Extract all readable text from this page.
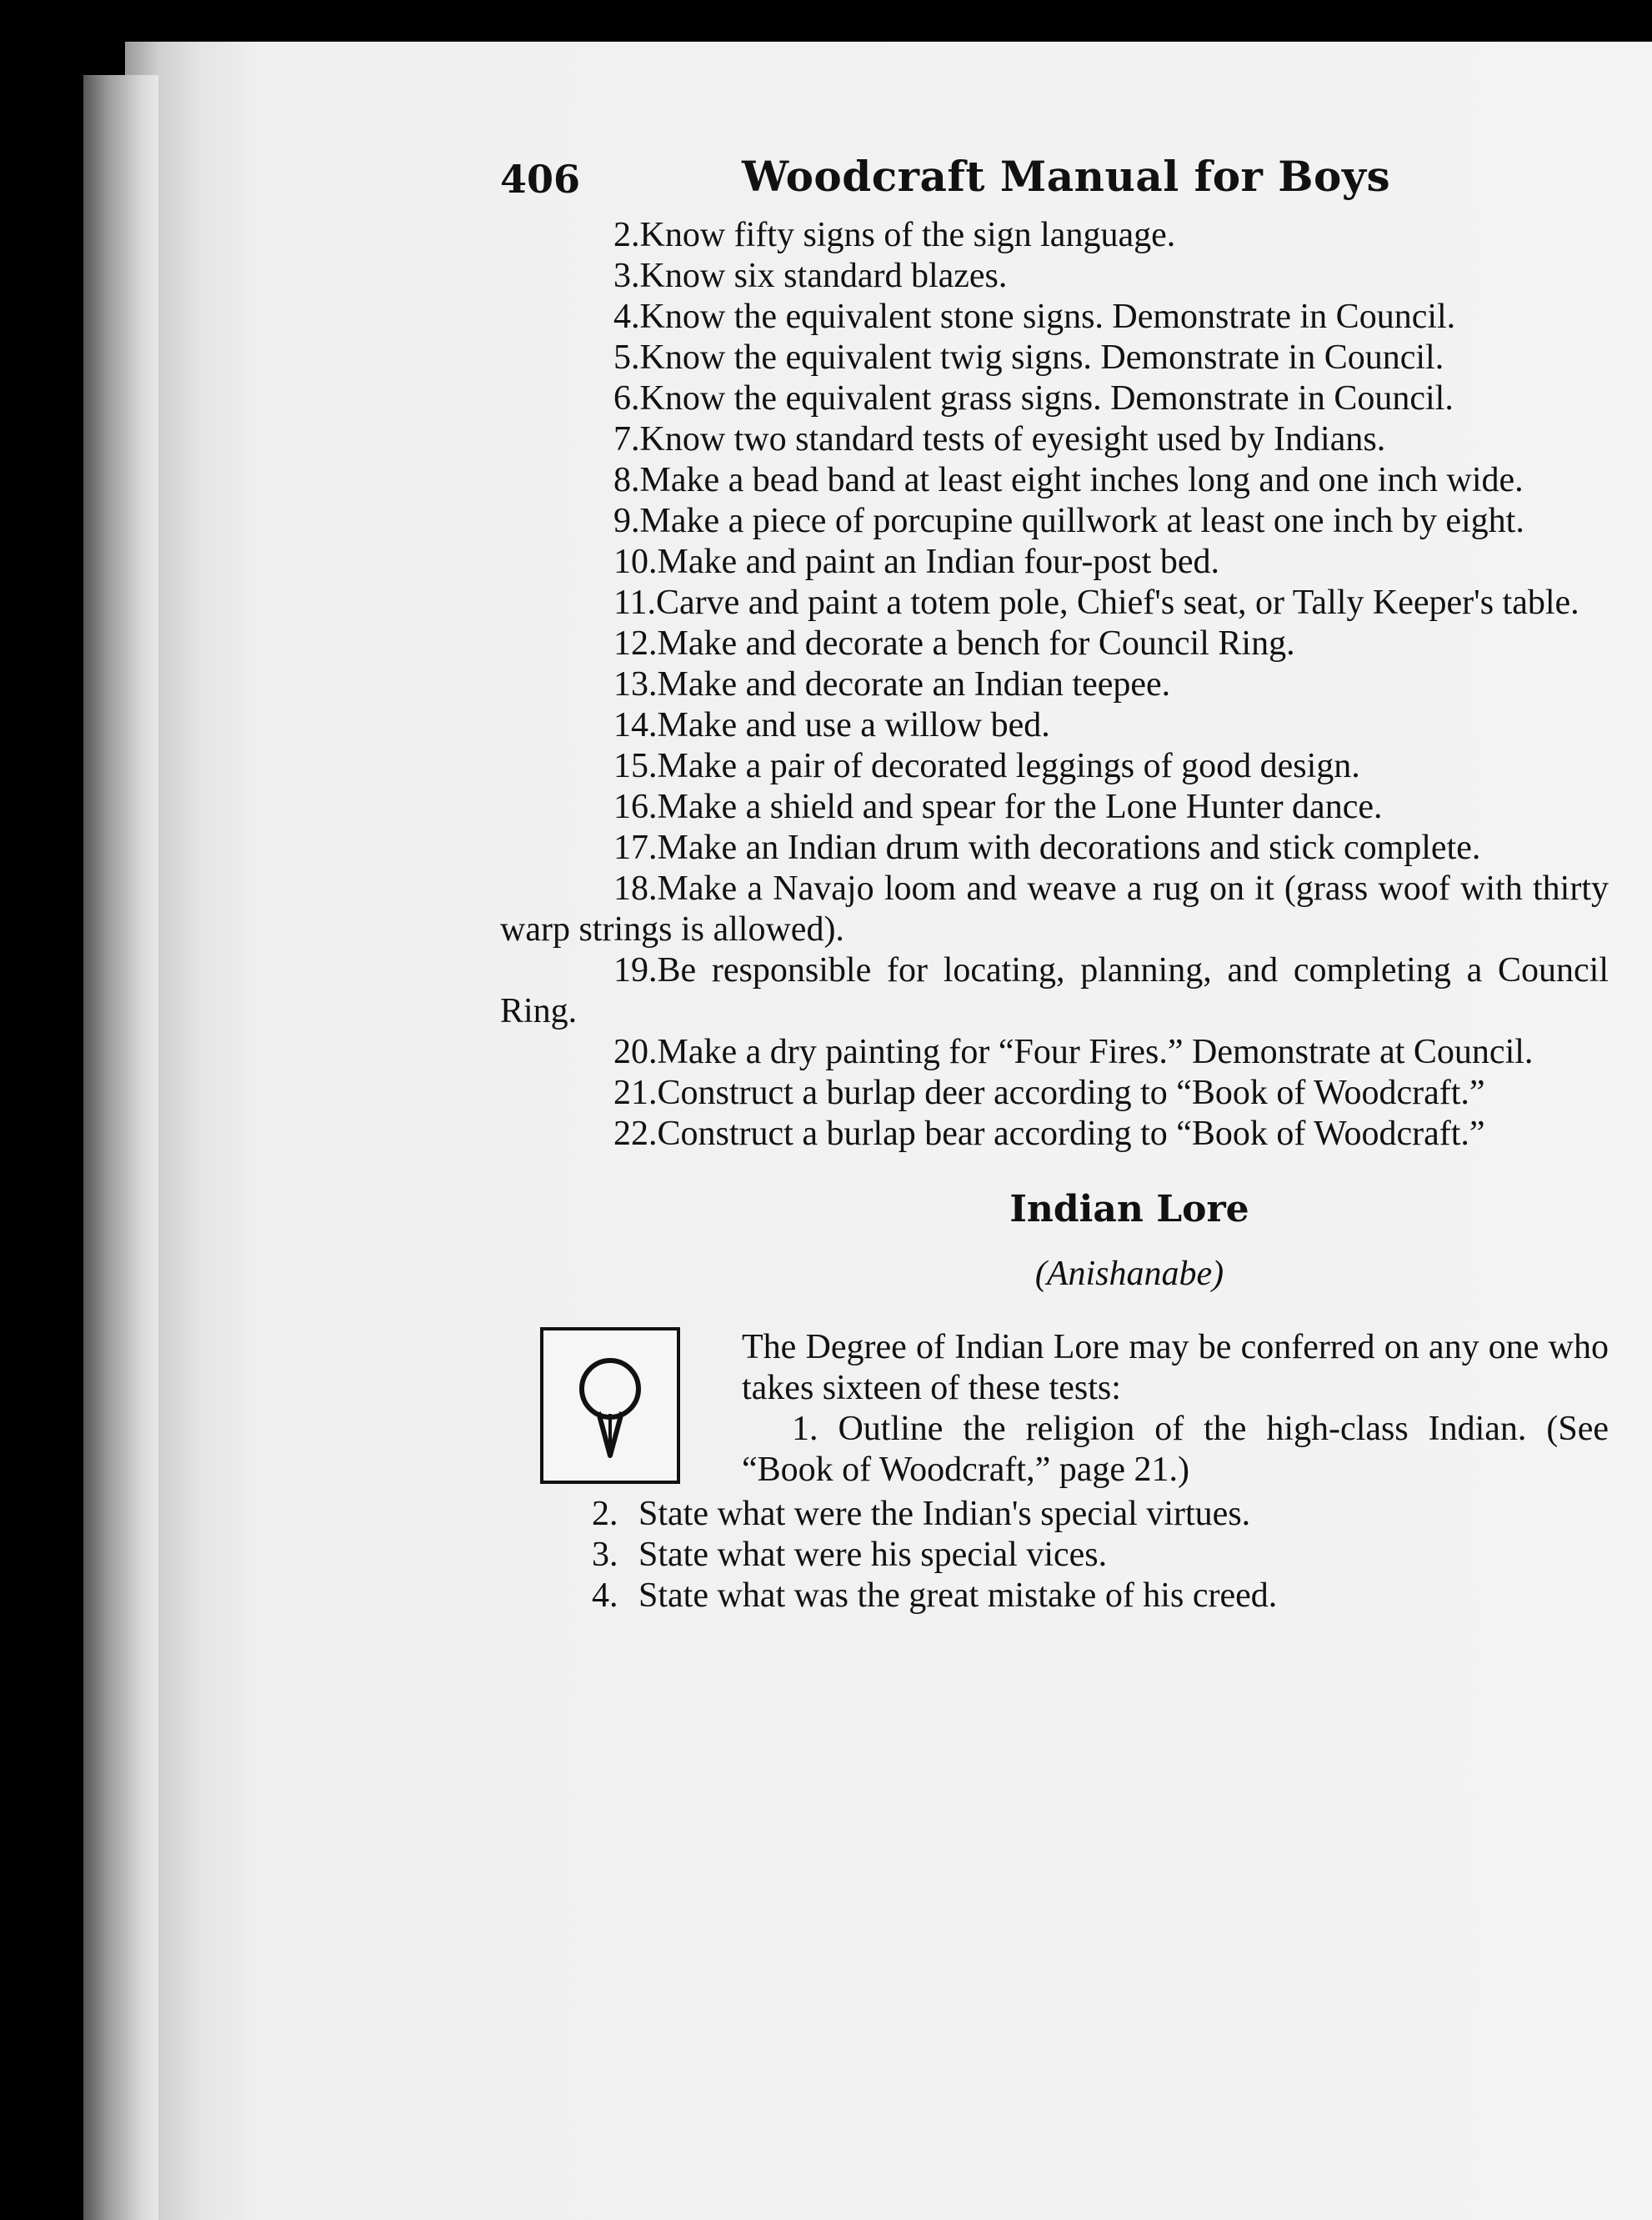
406	Woodcraft Manual for Boys
2.Know fifty signs of the sign language.
3.Know six standard blazes.
4.Know the equivalent stone signs. Demonstrate in Council.
5.Know the equivalent twig signs. Demonstrate in Council.
6.Know the equivalent grass signs. Demonstrate in Council.
7.Know two standard tests of eyesight used by Indians.
8.Make a bead band at least eight inches long and one inch wide.
9.Make a piece of porcupine quillwork at least one inch by eight.
10.Make and paint an Indian four-post bed.
11.Carve and paint a totem pole, Chief's seat, or Tally Keeper's table.
12.Make and decorate a bench for Council Ring.
13.Make and decorate an Indian teepee.
14.Make and use a willow bed.
15.Make a pair of decorated leggings of good design.
16.Make a shield and spear for the Lone Hunter dance.
17.Make an Indian drum with decorations and stick complete.
18.Make a Navajo loom and weave a rug on it (grass woof with thirty warp strings is allowed).
19.Be responsible for locating, planning, and completing a Council Ring.
20.Make a dry painting for “Four Fires.” Demonstrate at Council.
21.Construct a burlap deer according to “Book of Woodcraft.”
22.Construct a burlap bear according to “Book of Woodcraft.”
Indian Lore
(Anishanabe)
The Degree of Indian Lore may be conferred on any one who takes sixteen of these tests:
1. Outline the religion of the high-class Indian. (See “Book of Woodcraft,” page 21.)
2. State what were the Indian's special virtues.
3. State what were his special vices.
4. State what was the great mistake of his creed.
